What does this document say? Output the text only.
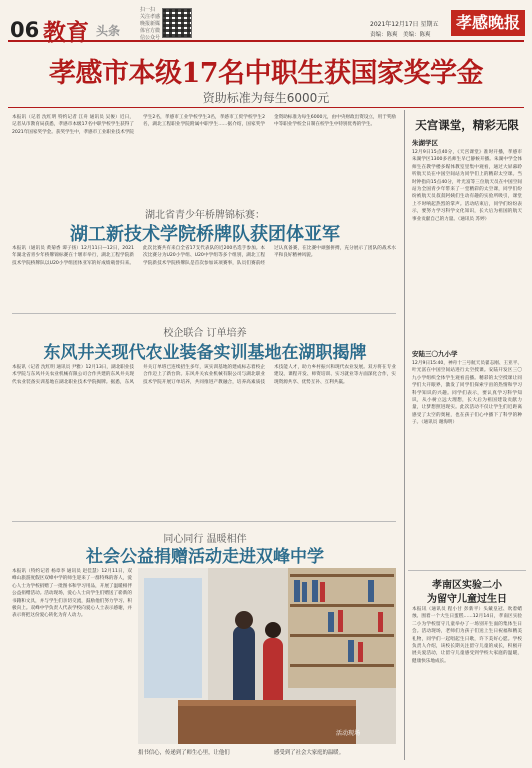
06 教育 头条
扫一扫
关注孝感
晚报新媒
体官方微
信公众号
2021年12月17日 星期五
责编：陈爽　美编：陈爽
孝感晚报
孝感市本级17名中职生获国家奖学金
资助标准为每生6000元
本报讯（记者 沈红明 特约记者 江舟 通讯员 吴俊）近日，记者从市教育局获悉，孝感市本级17名中职学校学生获得了2021年国家奖学金。获奖学生中，孝感市工业职业技术学院学生2名，孝感市工业学校学生3名，孝感市工贸学校学生2名，湖北工程职业学院附属中职学生……据介绍，国家奖学金资助标准为每生6000元，由中央财政出资设立，用于奖励中等职业学校全日制在校学生中特别优秀的学生。
湖北省青少年桥牌锦标赛：
湖工新技术学院桥牌队获团体亚军
本报讯（通讯员 黄菊香 谭子扬）12月11日—12日，2021年湖北省青少年桥牌锦标赛在十堰市举行，湖北工程学院新技术学院桥牌队以U20小学组团体亚军的好成绩载誉归来。此次比赛共有来自全省17支代表队的近200名选手参加。本次比赛分为U20小学组、U20中学组等多个组别，湖北工程学院新技术学院桥牌队是首次参加该项赛事，队员们赛前经过认真备赛，在比赛中顽强拼搏，充分展示了团队的战术水平和良好精神风貌。
校企联合 订单培养
东风井关现代农业装备实训基地在湖职揭牌
本报讯（记者 沈红明 通讯员 尹雅）12月13日，湖北职业技术学院与东风井关农业机械有限公司合作共建的东风井关现代农业装备实训基地在湖北职业技术学院揭牌。据悉，东风井关订单班已连续招生多年，该实训基地的建成标志着校企合作迈上了新台阶。东风井关农业机械有限公司与湖北职业技术学院开展订单培养，共同推进产教融合，培养高素质技术技能人才，助力乡村振兴和现代农业发展。双方将在专业建设、课程开发、师资培训、实习就业等方面深化合作，实现资源共享、优势互补、互利共赢。
同心同行 温暖相伴
社会公益捐赠活动走进双峰中学
本报讯（特约记者 杨章李 通讯员 赵佳慧）12月11日，双峰山旅游度假区双峰中学的师生迎来了一群特殊的客人，爱心人士为学校捐赠了一批图书和学习用品，开展了温暖相伴公益捐赠活动。活动现场，爱心人士向学生们赠送了崭新的书籍和文具，并与学生们亲切交流，鼓励他们努力学习、积极向上。双峰中学负责人代表学校向爱心人士表示感谢，并表示将把这份爱心转化为育人动力。
活动现场
捐书信心，传递到了师生心里，让他们	感受到了社会大家庭的温暖。
天宫课堂，精彩无限
朱湖学区
12月9日15点40分，《天宫课堂》准时开播，孝感市朱湖学区1300多名师生早已静候开播。朱湖中学全体师生在教学楼多媒体教室里集中观看，通过大屏幕聆听航天员在中国空间站为同学们上的精彩太空课。当时钟指向15点40分，叶光富等三位航天员在中国空间站为全国青少年带来了一堂精彩的太空课，同学们纷纷被航天员叔叔阿姨们生动有趣的实验所吸引，课堂上不时响起热烈的掌声。活动结束后，同学们纷纷表示，要努力学习科学文化知识，长大后为祖国的航天事业贡献自己的力量。（通讯员 苏婷）
安陆三〇九小学
12月9日15:40，神舟十三号航天员翟志刚、王亚平、叶光富在中国空间站进行太空授课。安陆开发区三〇九小学组织全体学生观看直播。精彩的太空授课让同学们大开眼界，激发了同学们探索宇宙的热情和学习科学知识的兴趣。同学们表示，要认真学习科学知识，从小树立远大理想，长大后为祖国建设贡献力量，让梦想照进现实。此次活动不仅让学生们近距离感受了太空的奥秘，也在孩子们心中播下了科学的种子。（通讯员 谢海明）
孝南区实验二小
为留守儿童过生日
本报讯（通讯员 程小甘 彭新平）头戴皇冠、吹着蜡烛、围着一个大生日蛋糕……12月14日，孝南区实验二小为学校留守儿童举办了一场别开生面的集体生日会。活动现场，老师们为孩子们送上生日祝福和精美礼物，同学们一起唱起生日歌，许下美好心愿。学校负责人介绍，该校长期关注留守儿童的成长，积极开展关爱活动，让留守儿童感受到学校大家庭的温暖，健康快乐地成长。
